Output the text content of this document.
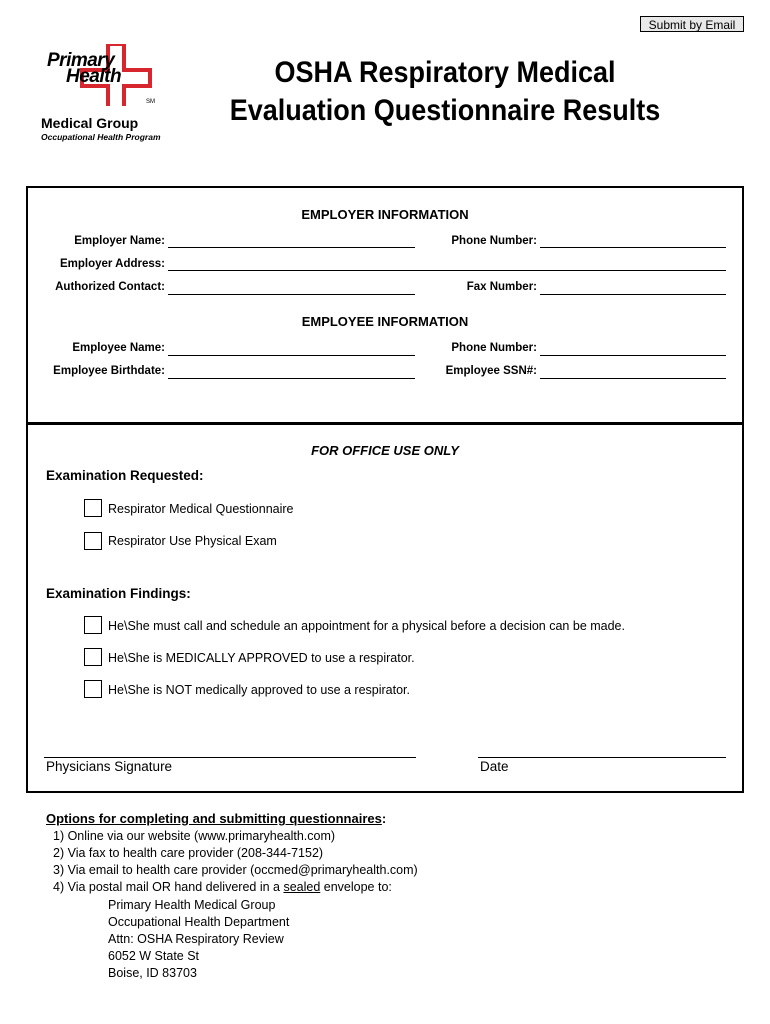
Submit by Email
Primary
Health
SM
Medical Group
Occupational Health Program
OSHA Respiratory Medical
Evaluation Questionnaire Results
EMPLOYER INFORMATION
Employer Name:	Phone Number:
Employer Address:
Authorized Contact:	Fax Number:
EMPLOYEE INFORMATION
Employee Name:	Phone Number:
Employee Birthdate:	Employee SSN#:
FOR OFFICE USE ONLY
Examination Requested:
Respirator Medical Questionnaire
Respirator Use Physical Exam
Examination Findings:
He\She must call and schedule an appointment for a physical before a decision can be made.
He\She is MEDICALLY APPROVED to use a respirator.
He\She is NOT medically approved to use a respirator.
Physicians Signature	Date
Options for completing and submitting questionnaires:
1) Online via our website (www.primaryhealth.com)
2) Via fax to health care provider (208-344-7152)
3) Via email to health care provider (occmed@primaryhealth.com)
4) Via postal mail OR hand delivered in a sealed envelope to:
Primary Health Medical Group
Occupational Health Department
Attn: OSHA Respiratory Review
6052 W State St
Boise, ID 83703
